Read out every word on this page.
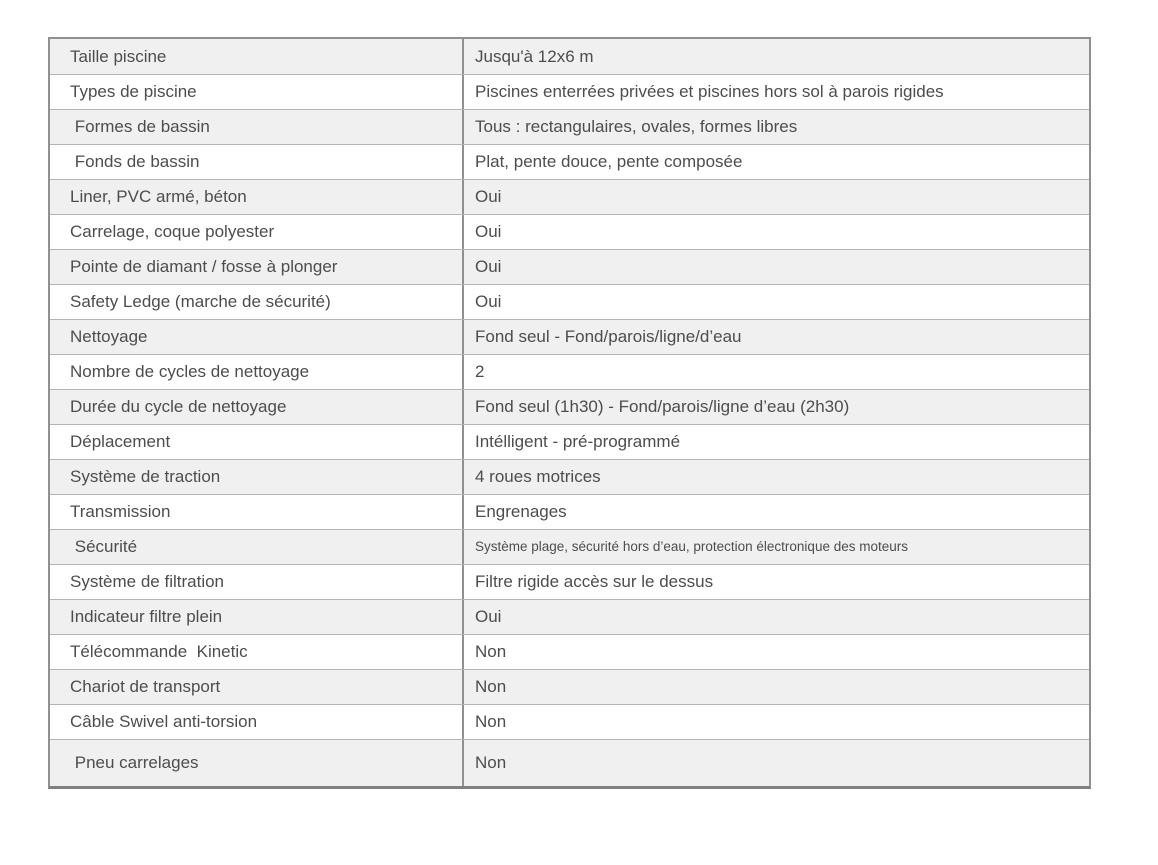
Taille piscine	Jusqu'à 12x6 m
Types de piscine	Piscines enterrées privées et piscines hors sol à parois rigides
Formes de bassin	Tous : rectangulaires, ovales, formes libres
Fonds de bassin	Plat, pente douce, pente composée
Liner, PVC armé, béton	Oui
Carrelage, coque polyester	Oui
Pointe de diamant / fosse à plonger	Oui
Safety Ledge (marche de sécurité)	Oui
Nettoyage	Fond seul - Fond/parois/ligne/d’eau
Nombre de cycles de nettoyage	2
Durée du cycle de nettoyage	Fond seul (1h30) - Fond/parois/ligne d’eau (2h30)
Déplacement	Intélligent - pré-programmé
Système de traction	4 roues motrices
Transmission	Engrenages
Sécurité	Système plage, sécurité hors d’eau, protection électronique des moteurs
Système de filtration	Filtre rigide accès sur le dessus
Indicateur filtre plein	Oui
Télécommande  Kinetic	Non
Chariot de transport	Non
Câble Swivel anti-torsion	Non
Pneu carrelages	Non
